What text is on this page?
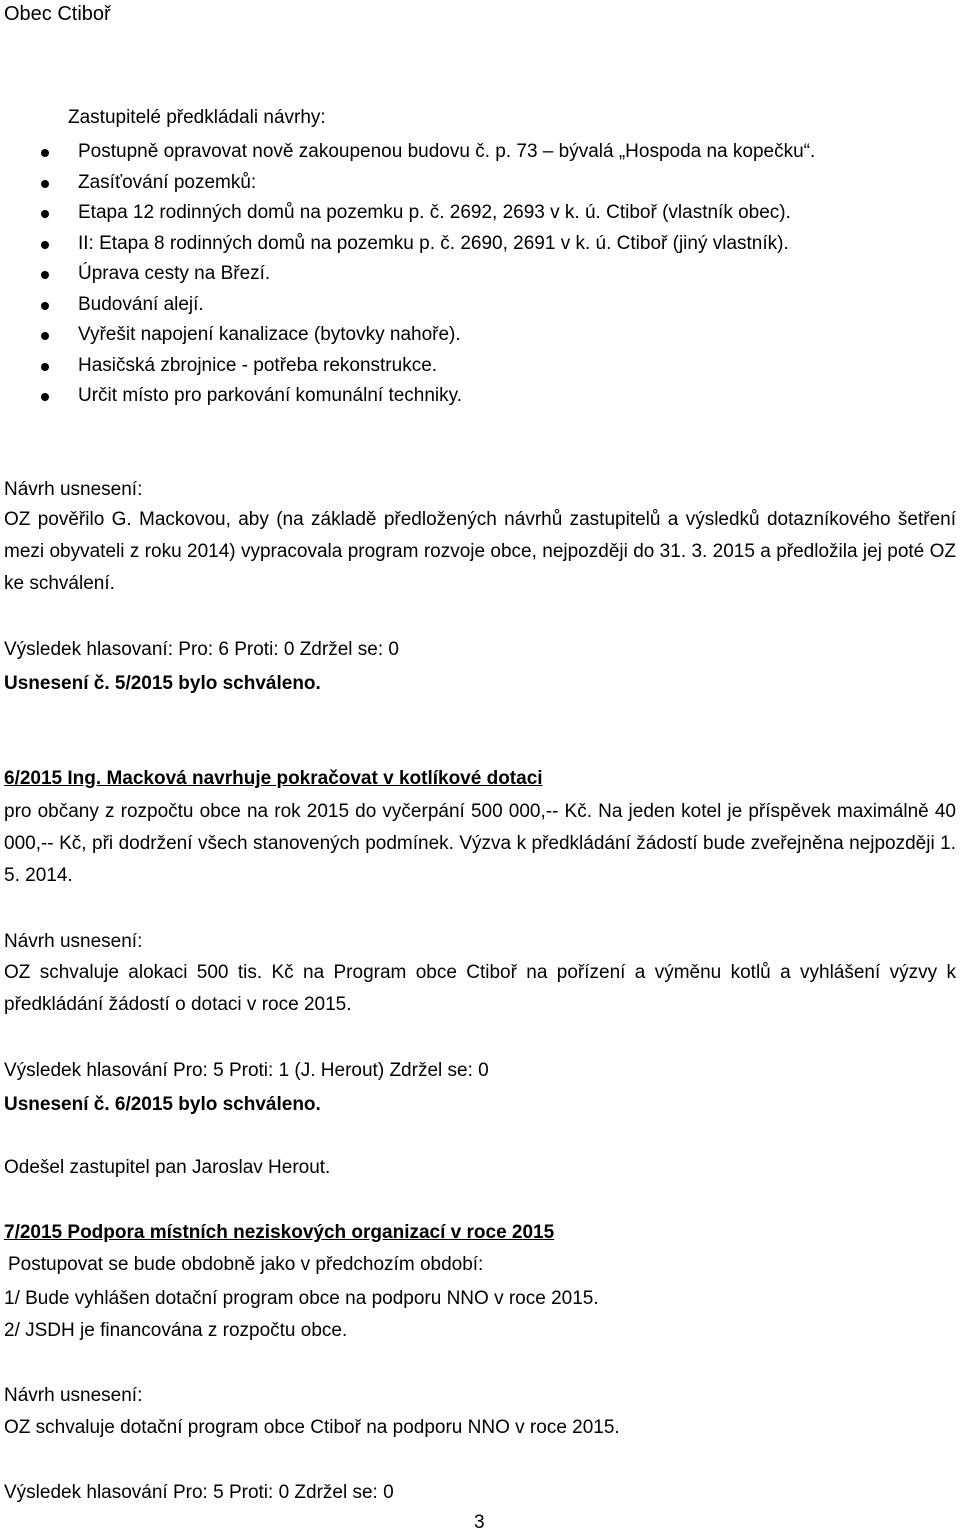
Obec Ctiboř
Zastupitelé předkládali návrhy:
Postupně opravovat nově zakoupenou budovu č. p. 73 – bývalá „Hospoda na kopečku“.
Zasíťování pozemků:
Etapa 12 rodinných domů na pozemku p. č. 2692, 2693 v k. ú. Ctiboř (vlastník obec).
II: Etapa 8 rodinných domů na pozemku p. č. 2690, 2691 v k. ú. Ctiboř (jiný vlastník).
Úprava cesty na Březí.
Budování alejí.
Vyřešit napojení kanalizace (bytovky nahoře).
Hasičská zbrojnice - potřeba rekonstrukce.
Určit místo pro parkování komunální techniky.
Návrh usnesení:
OZ pověřilo G. Mackovou, aby (na základě předložených návrhů zastupitelů a výsledků dotazníkového šetření mezi obyvateli z roku 2014) vypracovala program rozvoje obce, nejpozději do 31. 3. 2015 a předložila jej poté OZ ke schválení.
Výsledek hlasovaní: Pro: 6 Proti: 0 Zdržel se: 0
Usnesení č. 5/2015 bylo schváleno.
6/2015 Ing. Macková navrhuje pokračovat v kotlíkové dotaci
pro občany z rozpočtu obce na rok 2015 do vyčerpání 500 000,-- Kč. Na jeden kotel je příspěvek maximálně 40 000,-- Kč, při dodržení všech stanovených podmínek. Výzva k předkládání žádostí bude zveřejněna nejpozději 1. 5. 2014.
Návrh usnesení:
OZ schvaluje alokaci 500 tis. Kč na Program obce Ctiboř na pořízení a výměnu kotlů a vyhlášení výzvy k předkládání žádostí o dotaci v roce 2015.
Výsledek hlasování Pro: 5 Proti: 1 (J. Herout) Zdržel se: 0
Usnesení č. 6/2015 bylo schváleno.
Odešel zastupitel pan Jaroslav Herout.
7/2015 Podpora místních neziskových organizací v roce 2015
Postupovat se bude obdobně jako v předchozím období:
1/ Bude vyhlášen dotační program obce na podporu NNO v roce 2015.
2/ JSDH je financována z rozpočtu obce.
Návrh usnesení:
OZ schvaluje dotační program obce Ctiboř na podporu NNO v roce 2015.
Výsledek hlasování Pro: 5 Proti: 0 Zdržel se: 0
3
